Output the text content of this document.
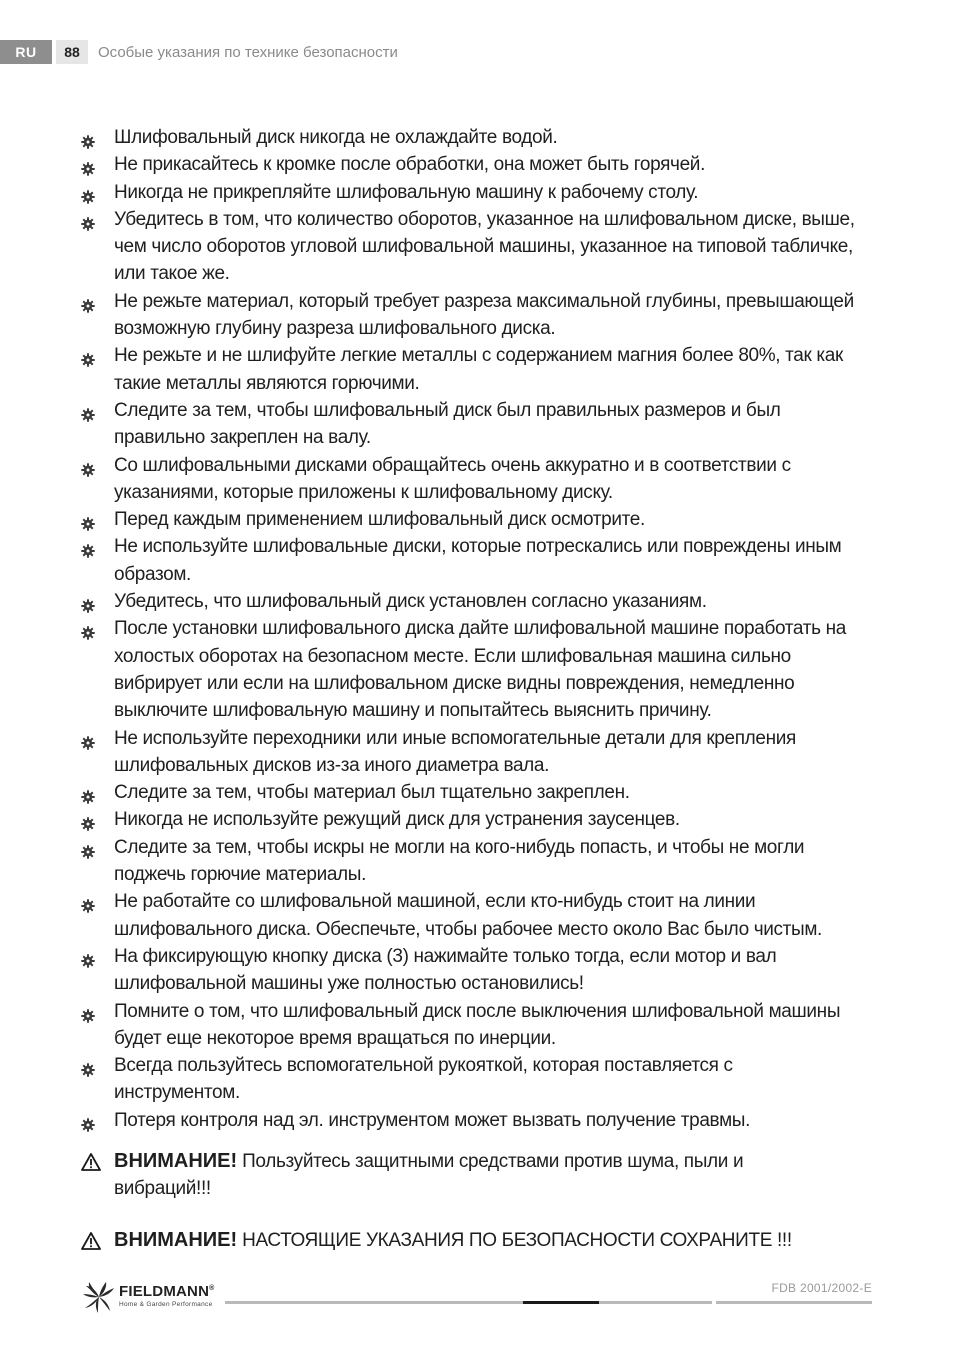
RU	88	Особые указания по технике безопасности
Шлифовальный диск никогда не охлаждайте водой.
Не прикасайтесь к кромке после обработки, она может быть горячей.
Никогда не прикрепляйте шлифовальную машину к рабочему столу.
Убедитесь в том, что количество оборотов, указанное на шлифовальном диске, выше,
чем число оборотов угловой шлифовальной машины, указанное на типовой табличке,
или такое же.
Не режьте материал, который требует разреза максимальной глубины, превышающей
возможную глубину разреза шлифовального диска.
Не режьте и не шлифуйте легкие металлы с содержанием магния более 80%, так как
такие металлы являются горючими.
Следите за тем, чтобы шлифовальный диск был правильных размеров и был
правильно закреплен на валу.
Со шлифовальными дисками обращайтесь очень аккуратно и в соответствии с
указаниями, которые приложены к шлифовальному диску.
Перед каждым применением шлифовальный диск осмотрите.
Не используйте шлифовальные диски, которые потрескались или повреждены иным
образом.
Убедитесь, что шлифовальный диск установлен согласно указаниям.
После установки шлифовального диска дайте шлифовальной машине поработать на
холостых оборотах на безопасном месте. Если шлифовальная машина сильно
вибрирует или если на шлифовальном диске видны повреждения, немедленно
выключите шлифовальную машину и попытайтесь выяснить причину.
Не используйте переходники или иные вспомогательные детали для крепления
шлифовальных дисков из-за иного диаметра вала.
Следите за тем, чтобы материал был тщательно закреплен.
Никогда не используйте режущий диск для устранения заусенцев.
Следите за тем, чтобы искры не могли на кого-нибудь попасть, и чтобы не могли
поджечь горючие материалы.
Не работайте со шлифовальной машиной, если кто-нибудь стоит на линии
шлифовального диска. Обеспечьте, чтобы рабочее место около Вас было чистым.
На фиксирующую кнопку диска (3) нажимайте только тогда, если мотор и вал
шлифовальной машины уже полностью остановились!
Помните о том, что шлифовальный диск после выключения шлифовальной машины
будет еще некоторое время вращаться по инерции.
Всегда пользуйтесь вспомогательной рукояткой, которая поставляется с
инструментом.
Потеря контроля над эл. инструментом может вызвать получение травмы.
ВНИМАНИЕ! Пользуйтесь защитными средствами против шума, пыли и
вибраций!!!
ВНИМАНИЕ! НАСТОЯЩИЕ УКАЗАНИЯ ПО БЕЗОПАСНОСТИ СОХРАНИТЕ !!!
FIELDMANN®
Home & Garden Performance
FDB 2001/2002-E
